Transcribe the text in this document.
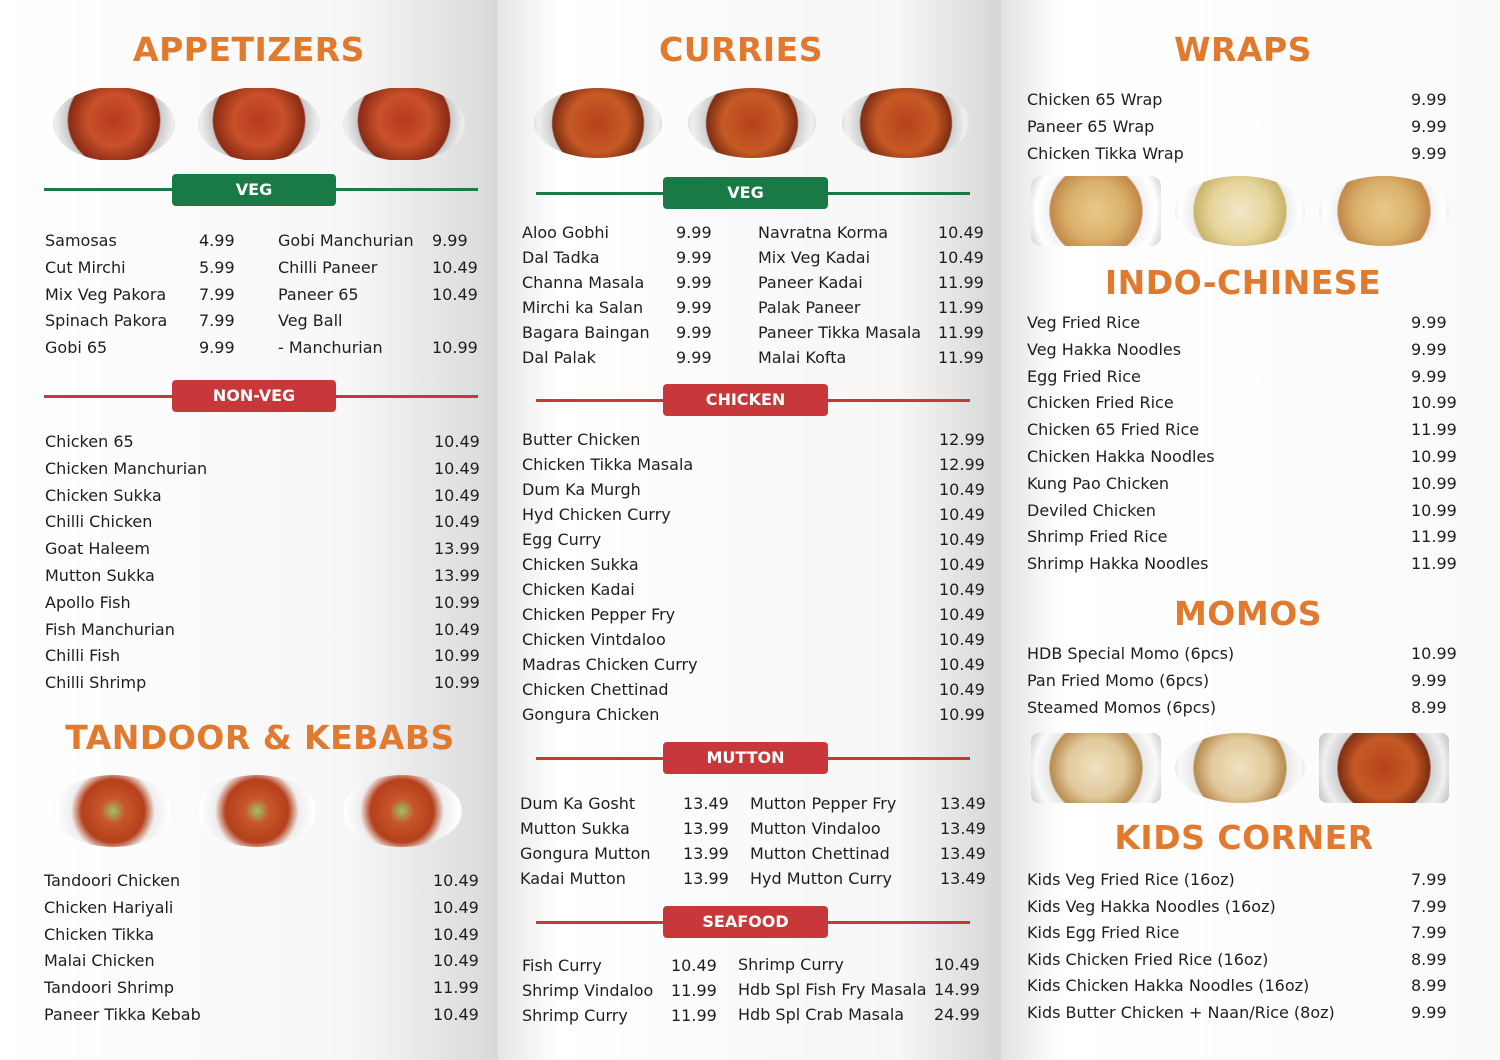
APPETIZERS
VEG
Samosas	4.99
Cut Mirchi	5.99
Mix Veg Pakora 7.99
Spinach Pakora 7.99
Gobi 65	9.99
Gobi Manchurian 9.99
Chilli Paneer	10.49
Paneer 65	10.49
Veg Ball
- Manchurian	10.99
NON-VEG
Chicken 65	10.49
Chicken Manchurian	10.49
Chicken Sukka	10.49
Chilli Chicken	10.49
Goat Haleem	13.99
Mutton Sukka	13.99
Apollo Fish	10.99
Fish Manchurian	10.49
Chilli Fish	10.99
Chilli Shrimp	10.99
TANDOOR & KEBABS
Tandoori Chicken	10.49
Chicken Hariyali	10.49
Chicken Tikka	10.49
Malai Chicken	10.49
Tandoori Shrimp	11.99
Paneer Tikka Kebab	10.49
CURRIES
VEG
Aloo Gobhi	9.99
Dal Tadka	9.99
Channa Masala 9.99
Mirchi ka Salan 9.99
Bagara Baingan 9.99
Dal Palak	9.99
Navratna Korma	10.49
Mix Veg Kadai	10.49
Paneer Kadai	11.99
Palak Paneer	11.99
Paneer Tikka Masala 11.99
Malai Kofta	11.99
CHICKEN
Butter Chicken	12.99
Chicken Tikka Masala	12.99
Dum Ka Murgh	10.49
Hyd Chicken Curry	10.49
Egg Curry	10.49
Chicken Sukka	10.49
Chicken Kadai	10.49
Chicken Pepper Fry	10.49
Chicken Vintdaloo	10.49
Madras Chicken Curry	10.49
Chicken Chettinad	10.49
Gongura Chicken	10.99
MUTTON
Dum Ka Gosht	13.49
Mutton Sukka	13.99
Gongura Mutton 13.99
Kadai Mutton	13.99
Mutton Pepper Fry	13.49
Mutton Vindaloo	13.49
Mutton Chettinad	13.49
Hyd Mutton Curry	13.49
SEAFOOD
Fish Curry	10.49
Shrimp Vindaloo 11.99
Shrimp Curry	11.99
Shrimp Curry	10.49
Hdb Spl Fish Fry Masala 14.99
Hdb Spl Crab Masala 24.99
WRAPS
Chicken 65 Wrap	9.99
Paneer 65 Wrap	9.99
Chicken Tikka Wrap	9.99
INDO-CHINESE
Veg Fried Rice	9.99
Veg Hakka Noodles	9.99
Egg Fried Rice	9.99
Chicken Fried Rice	10.99
Chicken 65 Fried Rice	11.99
Chicken Hakka Noodles	10.99
Kung Pao Chicken	10.99
Deviled Chicken	10.99
Shrimp Fried Rice	11.99
Shrimp Hakka Noodles	11.99
MOMOS
HDB Special Momo (6pcs)	10.99
Pan Fried Momo (6pcs)	9.99
Steamed Momos (6pcs)	8.99
KIDS CORNER
Kids Veg Fried Rice (16oz)	7.99
Kids Veg Hakka Noodles (16oz)	7.99
Kids Egg Fried Rice	7.99
Kids Chicken Fried Rice (16oz)	8.99
Kids Chicken Hakka Noodles (16oz)	8.99
Kids Butter Chicken + Naan/Rice (8oz)	9.99
